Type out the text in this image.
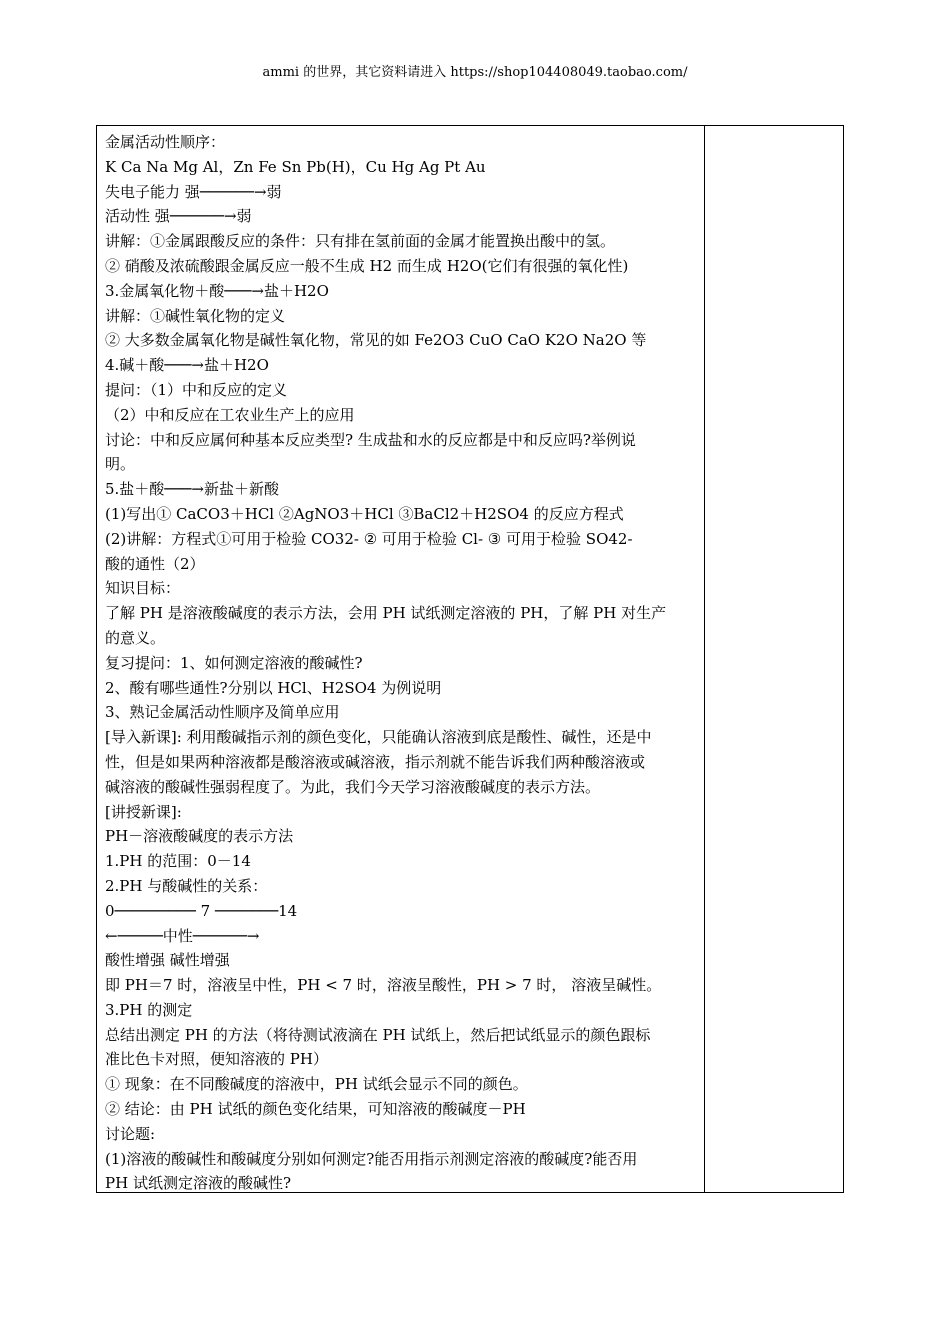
ammi 的世界，其它资料请进入 https://shop104408049.taobao.com/
金属活动性顺序：
K Ca Na Mg Al，Zn Fe Sn Pb(H)，Cu Hg Ag Pt Au
失电子能力 强──────→弱
活动性 强──────→弱
讲解：①金属跟酸反应的条件：只有排在氢前面的金属才能置换出酸中的氢。
② 硝酸及浓硫酸跟金属反应一般不生成 H2 而生成 H2O(它们有很强的氧化性)
3.金属氧化物＋酸───→盐＋H2O
讲解：①碱性氧化物的定义
② 大多数金属氧化物是碱性氧化物，常见的如 Fe2O3 CuO CaO K2O Na2O 等
4.碱＋酸───→盐＋H2O
提问：（1）中和反应的定义
（2）中和反应在工农业生产上的应用
讨论：中和反应属何种基本反应类型? 生成盐和水的反应都是中和反应吗?举例说
明。
5.盐＋酸───→新盐＋新酸
(1)写出① CaCO3＋HCl ②AgNO3＋HCl ③BaCl2＋H2SO4 的反应方程式
(2)讲解：方程式①可用于检验 CO32- ② 可用于检验 Cl- ③ 可用于检验 SO42-
酸的通性（2）
知识目标：
了解 PH 是溶液酸碱度的表示方法，会用 PH 试纸测定溶液的 PH，了解 PH 对生产
的意义。
复习提问：1、如何测定溶液的酸碱性?
2、酸有哪些通性?分别以 HCl、H2SO4 为例说明
3、熟记金属活动性顺序及简单应用
[导入新课]: 利用酸碱指示剂的颜色变化，只能确认溶液到底是酸性、碱性，还是中
性，但是如果两种溶液都是酸溶液或碱溶液，指示剂就不能告诉我们两种酸溶液或
碱溶液的酸碱性强弱程度了。为此，我们今天学习溶液酸碱度的表示方法。
[讲授新课]:
PH－溶液酸碱度的表示方法
1.PH 的范围：0－14
2.PH 与酸碱性的关系：
0───────── 7 ───────14
←─────中性──────→
酸性增强 碱性增强
即 PH＝7 时，溶液呈中性，PH < 7 时，溶液呈酸性，PH > 7 时， 溶液呈碱性。
3.PH 的测定
总结出测定 PH 的方法（将待测试液滴在 PH 试纸上，然后把试纸显示的颜色跟标
准比色卡对照，便知溶液的 PH）
① 现象：在不同酸碱度的溶液中，PH 试纸会显示不同的颜色。
② 结论：由 PH 试纸的颜色变化结果，可知溶液的酸碱度－PH
讨论题:
(1)溶液的酸碱性和酸碱度分别如何测定?能否用指示剂测定溶液的酸碱度?能否用
PH 试纸测定溶液的酸碱性?
